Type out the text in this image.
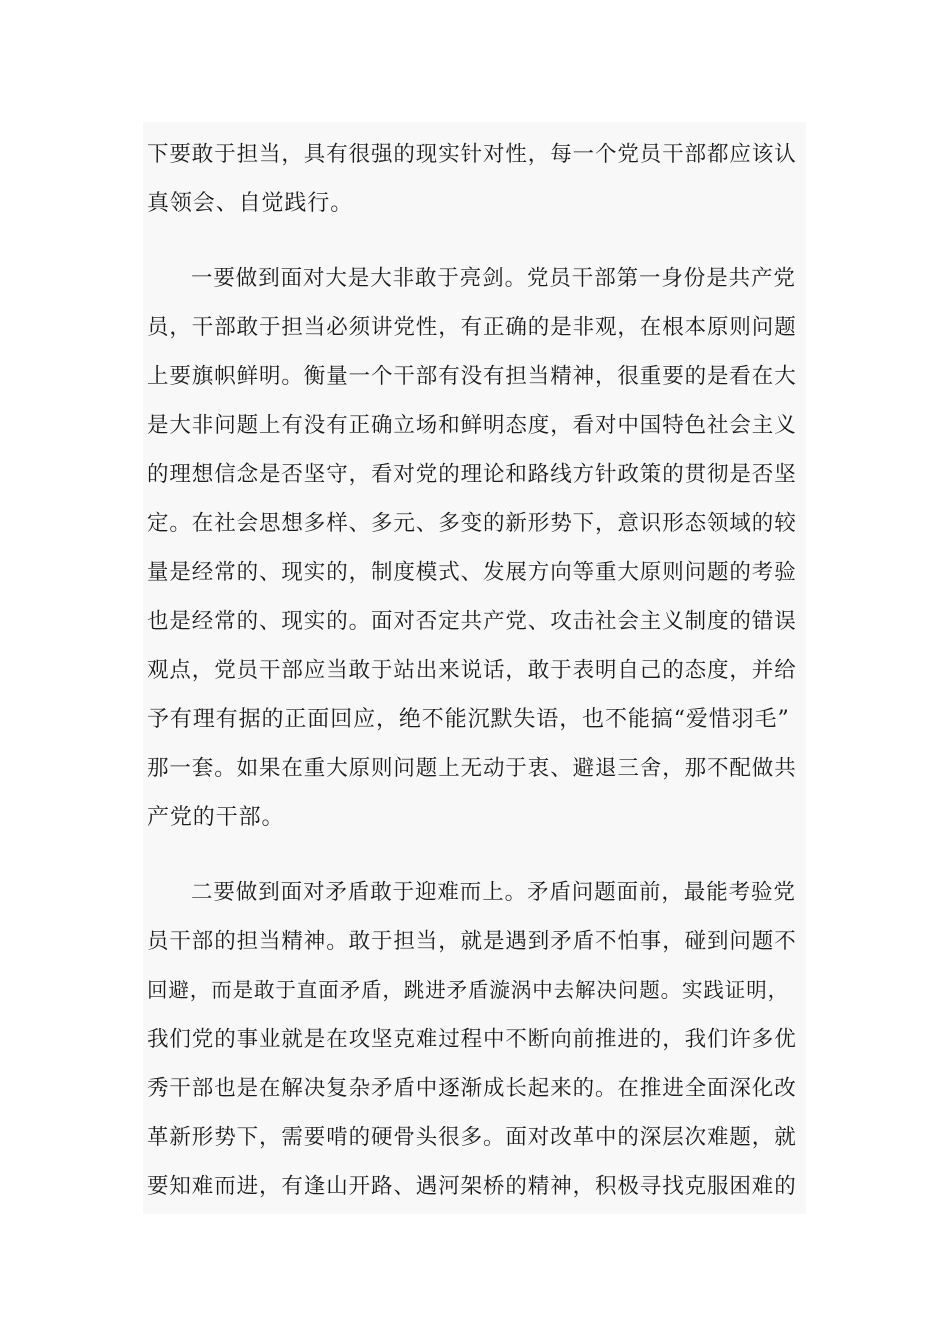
下要敢于担当，具有很强的现实针对性，每一个党员干部都应该认
真领会、自觉践行。
一要做到面对大是大非敢于亮剑。党员干部第一身份是共产党
员，干部敢于担当必须讲党性，有正确的是非观，在根本原则问题
上要旗帜鲜明。衡量一个干部有没有担当精神，很重要的是看在大
是大非问题上有没有正确立场和鲜明态度，看对中国特色社会主义
的理想信念是否坚守，看对党的理论和路线方针政策的贯彻是否坚
定。在社会思想多样、多元、多变的新形势下，意识形态领域的较
量是经常的、现实的，制度模式、发展方向等重大原则问题的考验
也是经常的、现实的。面对否定共产党、攻击社会主义制度的错误
观点，党员干部应当敢于站出来说话，敢于表明自己的态度，并给
予有理有据的正面回应，绝不能沉默失语，也不能搞“爱惜羽毛”
那一套。如果在重大原则问题上无动于衷、避退三舍，那不配做共
产党的干部。
二要做到面对矛盾敢于迎难而上。矛盾问题面前，最能考验党
员干部的担当精神。敢于担当，就是遇到矛盾不怕事，碰到问题不
回避，而是敢于直面矛盾，跳进矛盾漩涡中去解决问题。实践证明，
我们党的事业就是在攻坚克难过程中不断向前推进的，我们许多优
秀干部也是在解决复杂矛盾中逐渐成长起来的。在推进全面深化改
革新形势下，需要啃的硬骨头很多。面对改革中的深层次难题，就
要知难而进，有逢山开路、遇河架桥的精神，积极寻找克服困难的
